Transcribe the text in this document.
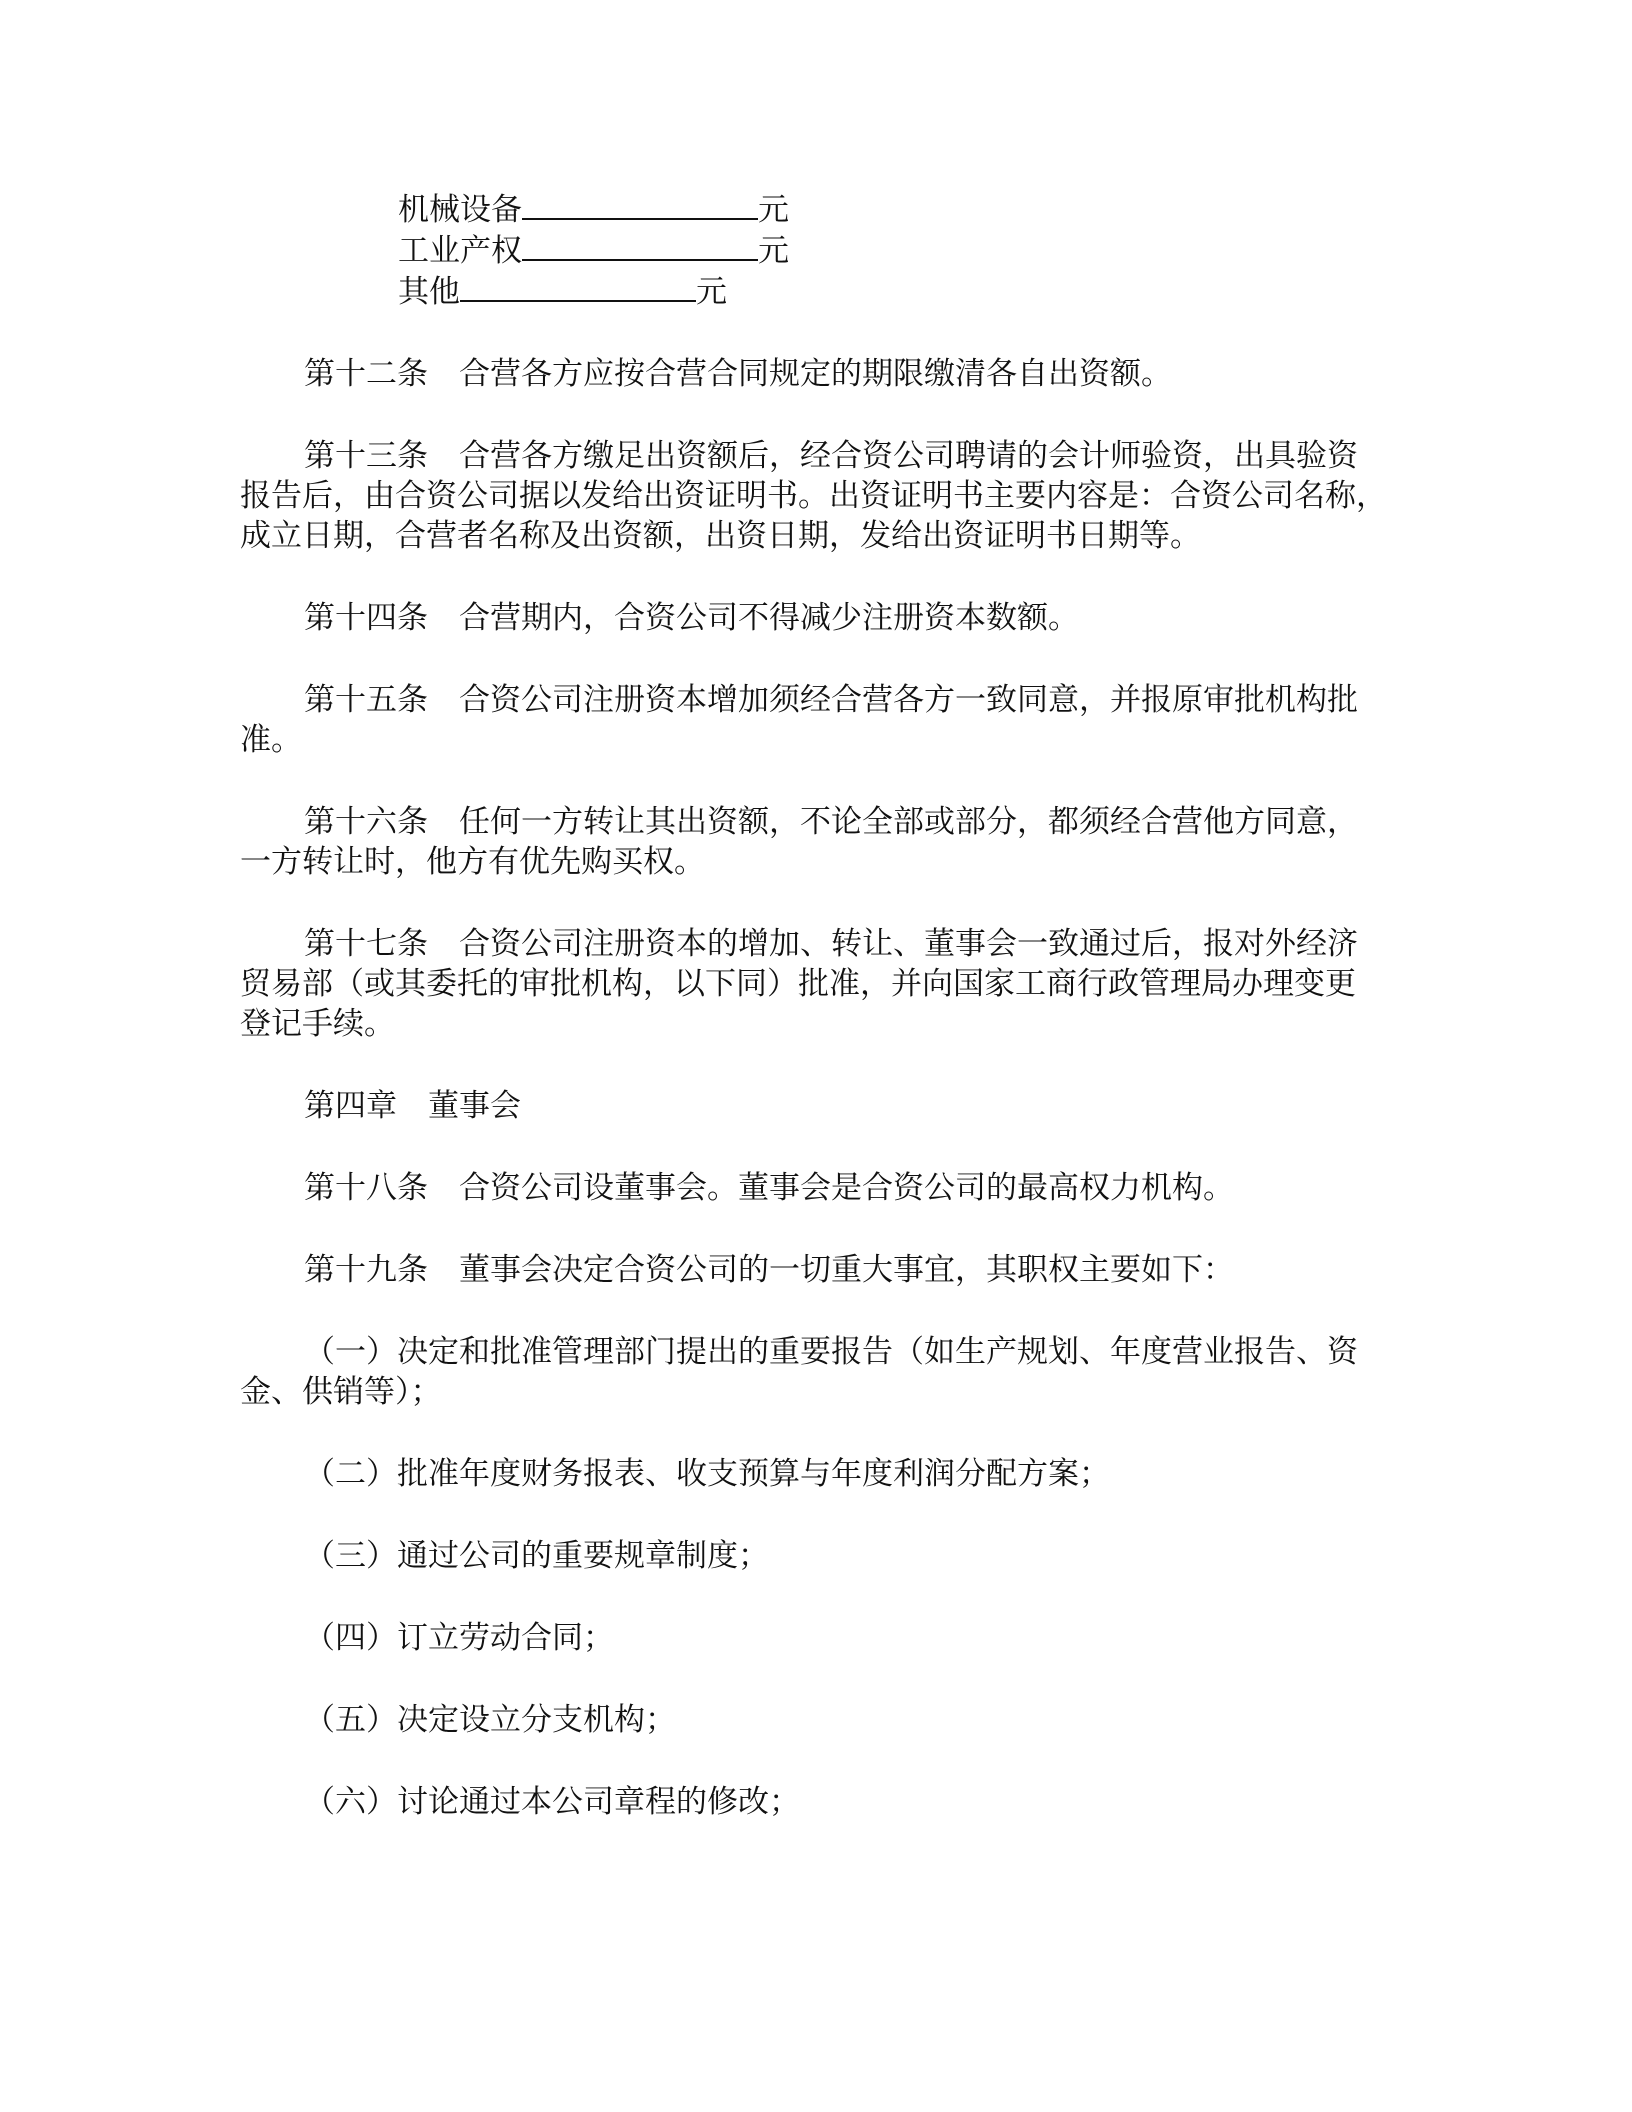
机械设备	元
工业产权	元
其他	元
第十二条　合营各方应按合营合同规定的期限缴清各自出资额。
第十三条　合营各方缴足出资额后，经合资公司聘请的会计师验资，出具验资
报告后，由合资公司据以发给出资证明书。出资证明书主要内容是：合资公司名称，
成立日期，合营者名称及出资额，出资日期，发给出资证明书日期等。
第十四条　合营期内，合资公司不得减少注册资本数额。
第十五条　合资公司注册资本增加须经合营各方一致同意，并报原审批机构批
准。
第十六条　任何一方转让其出资额，不论全部或部分，都须经合营他方同意，
一方转让时，他方有优先购买权。
第十七条　合资公司注册资本的增加、转让、董事会一致通过后，报对外经济
贸易部（或其委托的审批机构，以下同）批准，并向国家工商行政管理局办理变更
登记手续。
第四章　董事会
第十八条　合资公司设董事会。董事会是合资公司的最高权力机构。
第十九条　董事会决定合资公司的一切重大事宜，其职权主要如下：
（一）决定和批准管理部门提出的重要报告（如生产规划、年度营业报告、资
金、供销等）；
（二）批准年度财务报表、收支预算与年度利润分配方案；
（三）通过公司的重要规章制度；
（四）订立劳动合同；
（五）决定设立分支机构；
（六）讨论通过本公司章程的修改；
